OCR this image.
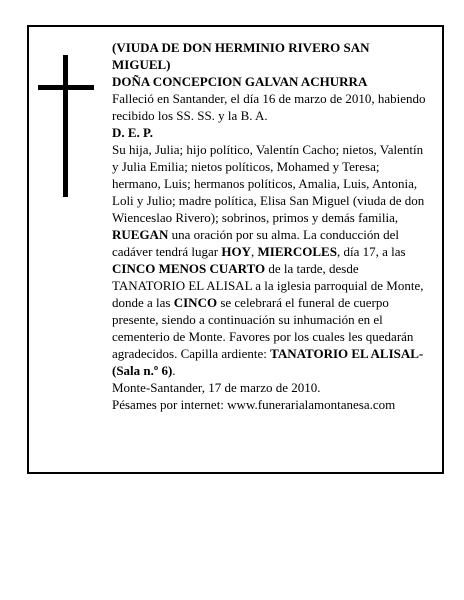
(VIUDA DE DON HERMINIO RIVERO SAN MIGUEL)

DOÑA CONCEPCION GALVAN ACHURRA

Falleció en Santander, el día 16 de marzo de 2010, habiendo recibido los SS. SS. y la B. A.

D. E. P.

Su hija, Julia; hijo político, Valentín Cacho; nietos, Valentín y Julia Emilia; nietos políticos, Mohamed y Teresa; hermano, Luis; hermanos políticos, Amalia, Luis, Antonia, Loli y Julio; madre política, Elisa San Miguel (viuda de don Wienceslao Rivero); sobrinos, primos y demás familia,

RUEGAN una oración por su alma. La conducción del cadáver tendrá lugar HOY, MIERCOLES, día 17, a las CINCO MENOS CUARTO de la tarde, desde TANATORIO EL ALISAL a la iglesia parroquial de Monte, donde a las CINCO se celebrará el funeral de cuerpo presente, siendo a continuación su inhumación en el cementerio de Monte. Favores por los cuales les quedarán agradecidos. Capilla ardiente: TANATORIO EL ALISAL- (Sala n.º 6).

Monte-Santander, 17 de marzo de 2010.

Pésames por internet: www.funerarialamontanesa.com
